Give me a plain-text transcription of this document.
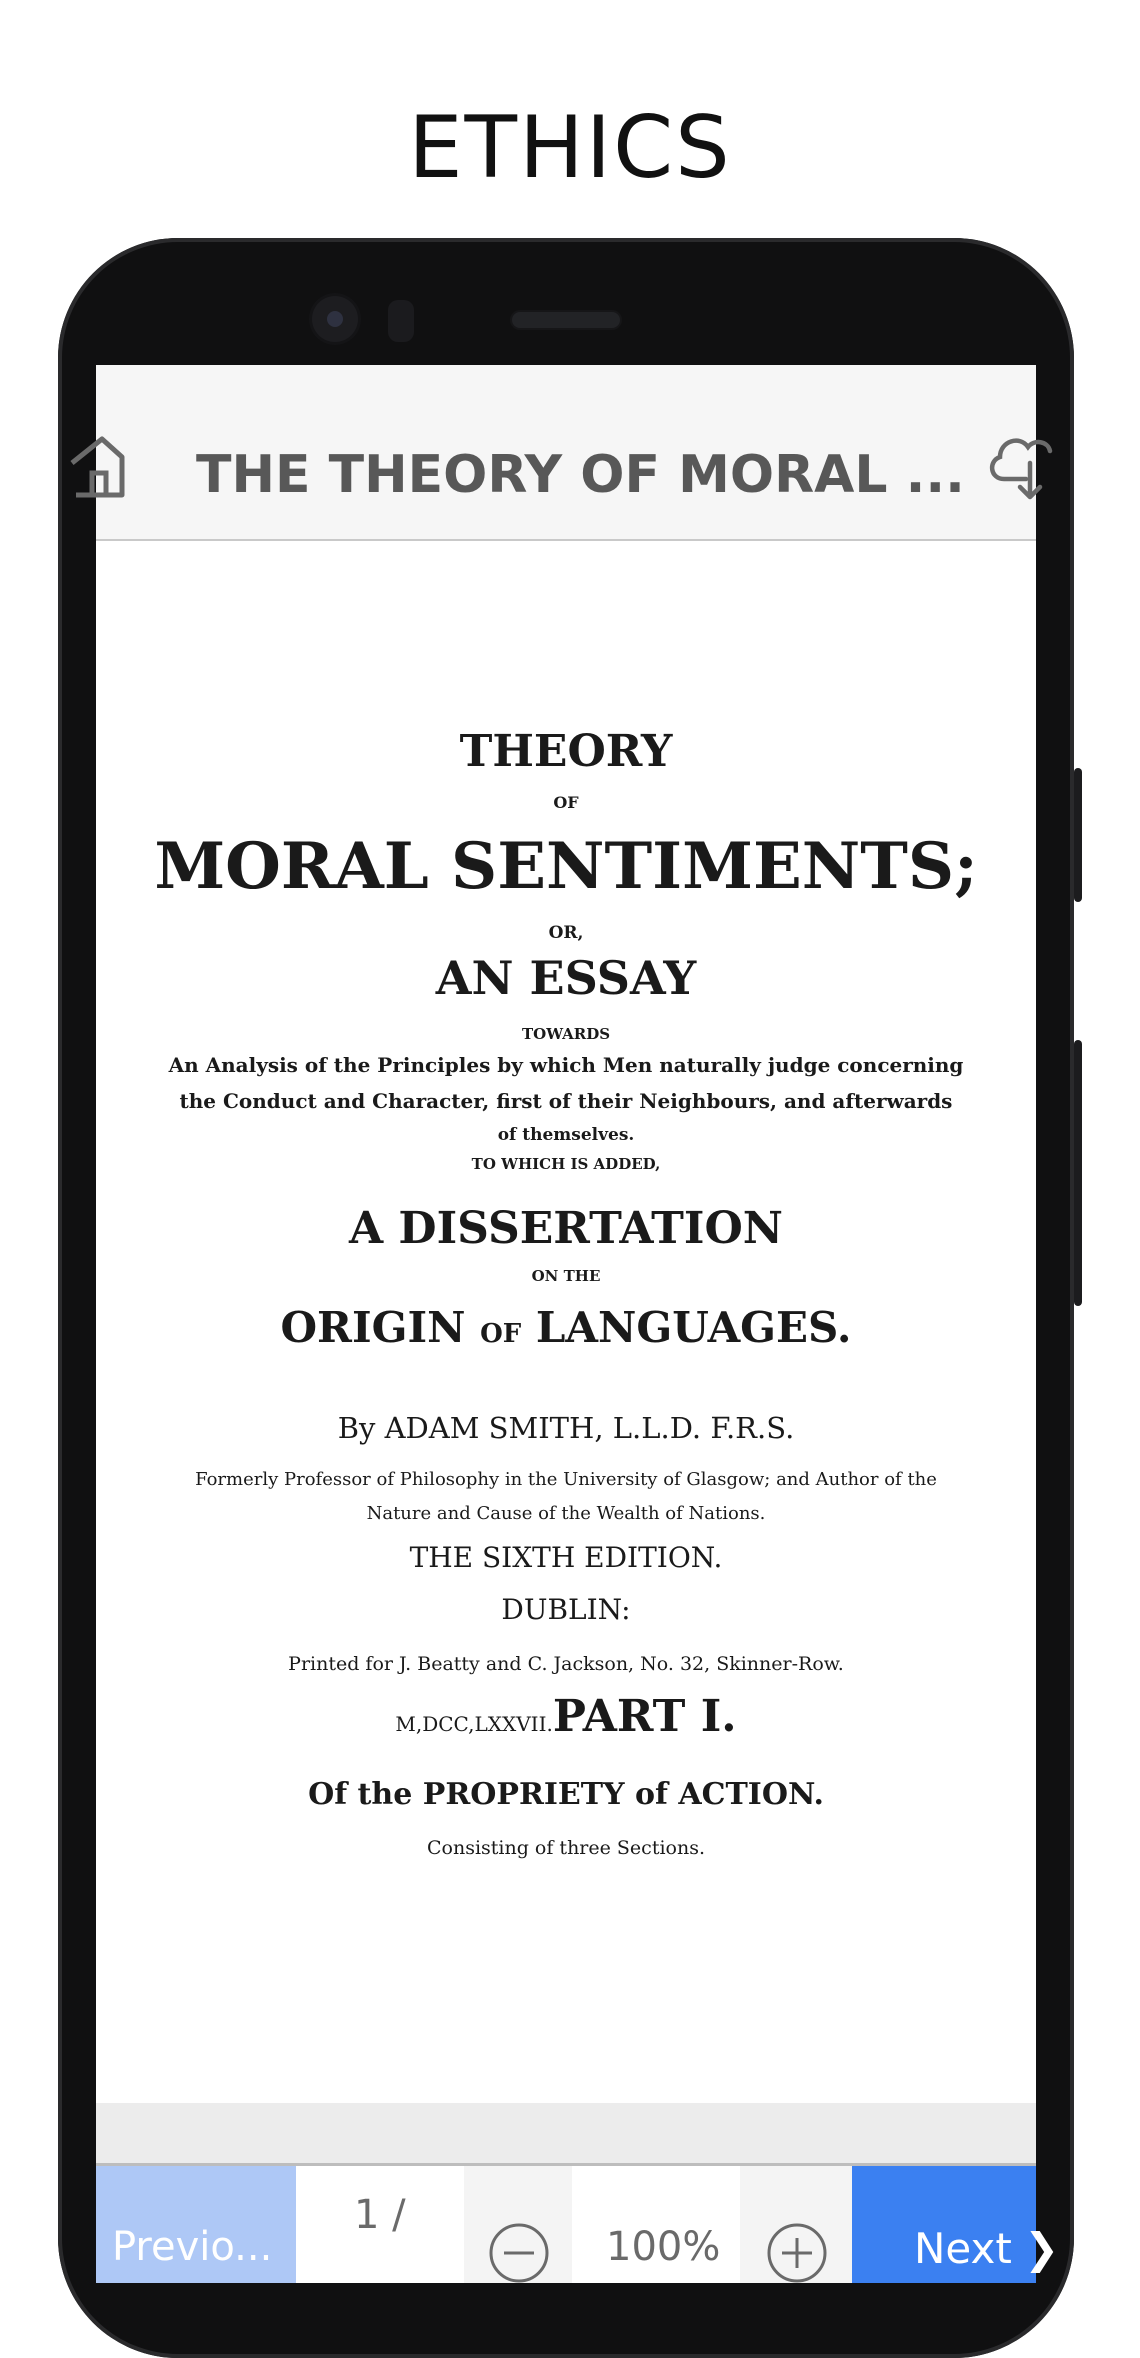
ETHICS
THE THEORY OF MORAL ...
THEORY
OF
MORAL SENTIMENTS;
OR,
AN ESSAY
TOWARDS
An Analysis of the Principles by which Men naturally judge concerning
the Conduct and Character, first of their Neighbours, and afterwards
of themselves.
TO WHICH IS ADDED,
A DISSERTATION
ON THE
ORIGIN OF LANGUAGES.
By ADAM SMITH, L.L.D. F.R.S.
Formerly Professor of Philosophy in the University of Glasgow; and Author of the
Nature and Cause of the Wealth of Nations.
THE SIXTH EDITION.
DUBLIN:
Printed for J. Beatty and C. Jackson, No. 32, Skinner-Row.
M,DCC,LXXVII.PART I.
Of the PROPRIETY of ACTION.
Consisting of three Sections.
Previo...
1 /
100%	Next ❯
